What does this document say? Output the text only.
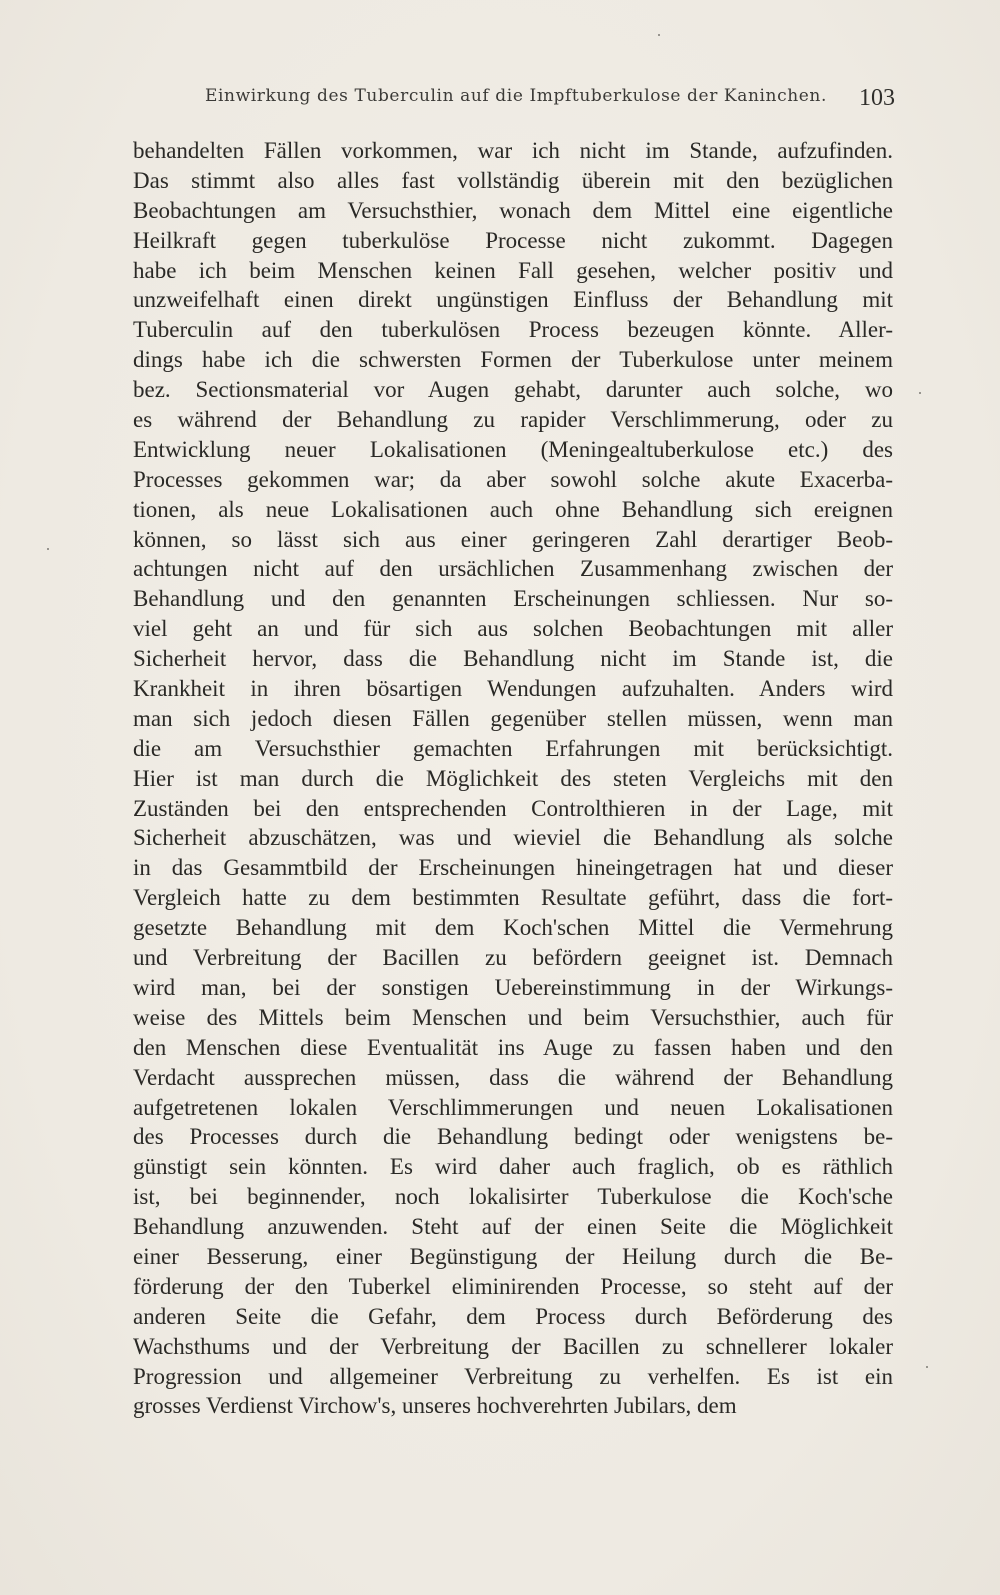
Einwirkung des Tuberculin auf die Impftuberkulose der Kaninchen. 103
behandelten Fällen vorkommen, war ich nicht im Stande, aufzufinden.
Das stimmt also alles fast vollständig überein mit den bezüglichen
Beobachtungen am Versuchsthier, wonach dem Mittel eine eigentliche
Heilkraft gegen tuberkulöse Processe nicht zukommt. Dagegen
habe ich beim Menschen keinen Fall gesehen, welcher positiv und
unzweifelhaft einen direkt ungünstigen Einfluss der Behandlung mit
Tuberculin auf den tuberkulösen Process bezeugen könnte. Aller-
dings habe ich die schwersten Formen der Tuberkulose unter meinem
bez. Sectionsmaterial vor Augen gehabt, darunter auch solche, wo
es während der Behandlung zu rapider Verschlimmerung, oder zu
Entwicklung neuer Lokalisationen (Meningealtuberkulose etc.) des
Processes gekommen war; da aber sowohl solche akute Exacerba-
tionen, als neue Lokalisationen auch ohne Behandlung sich ereignen
können, so lässt sich aus einer geringeren Zahl derartiger Beob-
achtungen nicht auf den ursächlichen Zusammenhang zwischen der
Behandlung und den genannten Erscheinungen schliessen. Nur so-
viel geht an und für sich aus solchen Beobachtungen mit aller
Sicherheit hervor, dass die Behandlung nicht im Stande ist, die
Krankheit in ihren bösartigen Wendungen aufzuhalten. Anders wird
man sich jedoch diesen Fällen gegenüber stellen müssen, wenn man
die am Versuchsthier gemachten Erfahrungen mit berücksichtigt.
Hier ist man durch die Möglichkeit des steten Vergleichs mit den
Zuständen bei den entsprechenden Controlthieren in der Lage, mit
Sicherheit abzuschätzen, was und wieviel die Behandlung als solche
in das Gesammtbild der Erscheinungen hineingetragen hat und dieser
Vergleich hatte zu dem bestimmten Resultate geführt, dass die fort-
gesetzte Behandlung mit dem Koch'schen Mittel die Vermehrung
und Verbreitung der Bacillen zu befördern geeignet ist. Demnach
wird man, bei der sonstigen Uebereinstimmung in der Wirkungs-
weise des Mittels beim Menschen und beim Versuchsthier, auch für
den Menschen diese Eventualität ins Auge zu fassen haben und den
Verdacht aussprechen müssen, dass die während der Behandlung
aufgetretenen lokalen Verschlimmerungen und neuen Lokalisationen
des Processes durch die Behandlung bedingt oder wenigstens be-
günstigt sein könnten. Es wird daher auch fraglich, ob es räthlich
ist, bei beginnender, noch lokalisirter Tuberkulose die Koch'sche
Behandlung anzuwenden. Steht auf der einen Seite die Möglichkeit
einer Besserung, einer Begünstigung der Heilung durch die Be-
förderung der den Tuberkel eliminirenden Processe, so steht auf der
anderen Seite die Gefahr, dem Process durch Beförderung des
Wachsthums und der Verbreitung der Bacillen zu schnellerer lokaler
Progression und allgemeiner Verbreitung zu verhelfen. Es ist ein
grosses Verdienst Virchow's, unseres hochverehrten Jubilars, dem
